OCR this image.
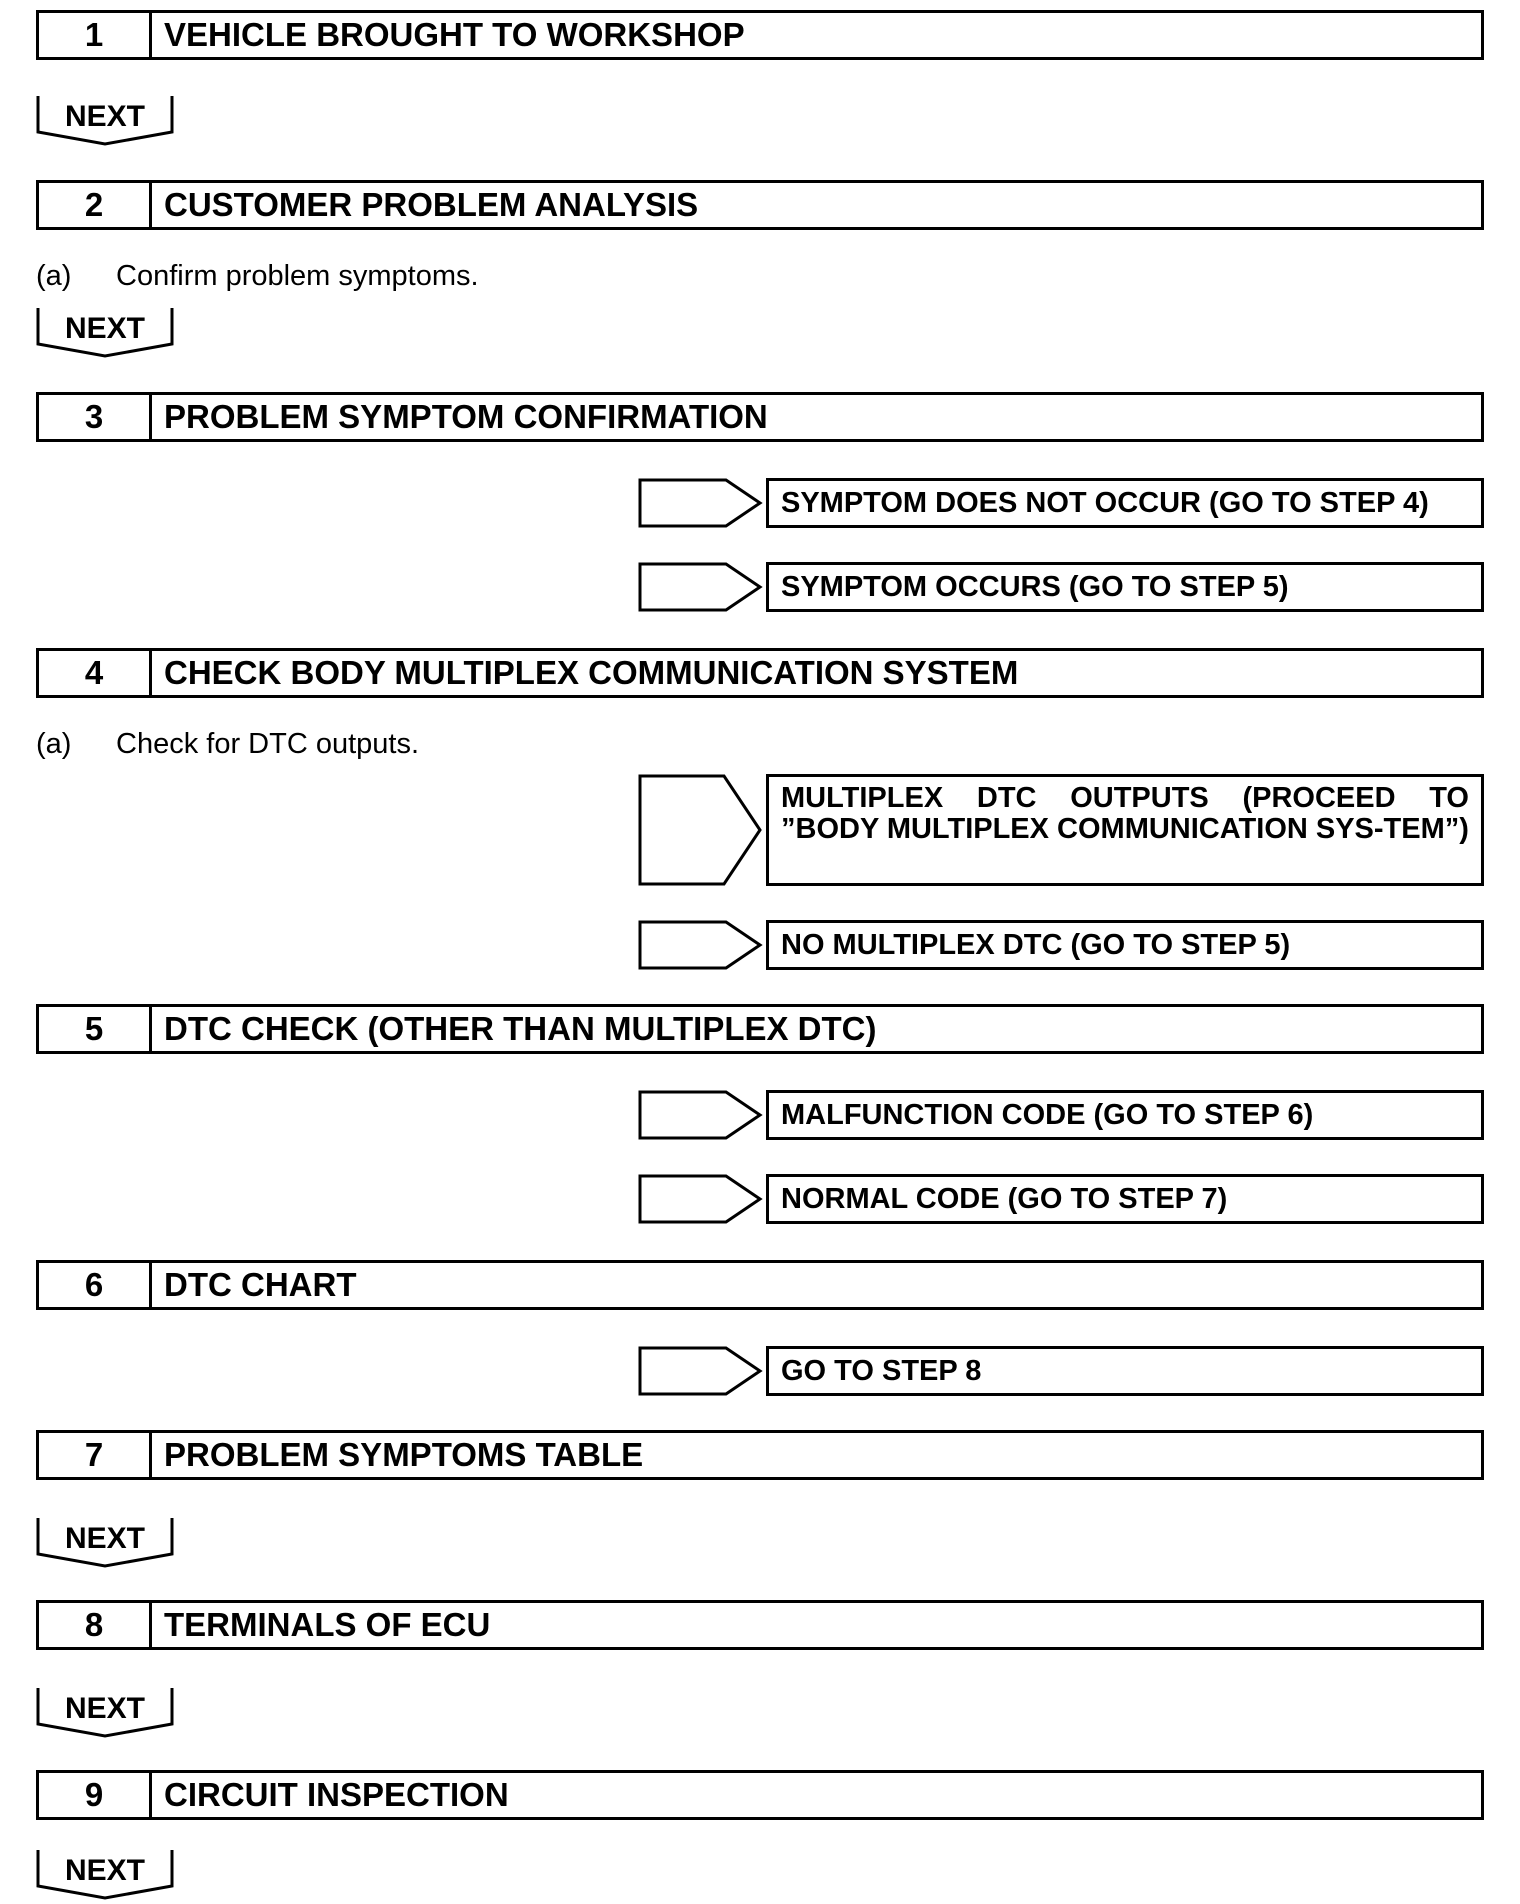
1	VEHICLE BROUGHT TO WORKSHOP
NEXT
2	CUSTOMER PROBLEM ANALYSIS
(a) Confirm problem symptoms.
NEXT
3	PROBLEM SYMPTOM CONFIRMATION
SYMPTOM DOES NOT OCCUR (GO TO STEP 4)
SYMPTOM OCCURS (GO TO STEP 5)
4	CHECK BODY MULTIPLEX COMMUNICATION SYSTEM
(a) Check for DTC outputs.
MULTIPLEX DTC OUTPUTS (PROCEED TO ”BODY MULTIPLEX COMMUNICATION SYS-TEM”)
NO MULTIPLEX DTC (GO TO STEP 5)
5	DTC CHECK (OTHER THAN MULTIPLEX DTC)
MALFUNCTION CODE (GO TO STEP 6)
NORMAL CODE (GO TO STEP 7)
6	DTC CHART
GO TO STEP 8
7	PROBLEM SYMPTOMS TABLE
NEXT
8	TERMINALS OF ECU
NEXT
9	CIRCUIT INSPECTION
NEXT
